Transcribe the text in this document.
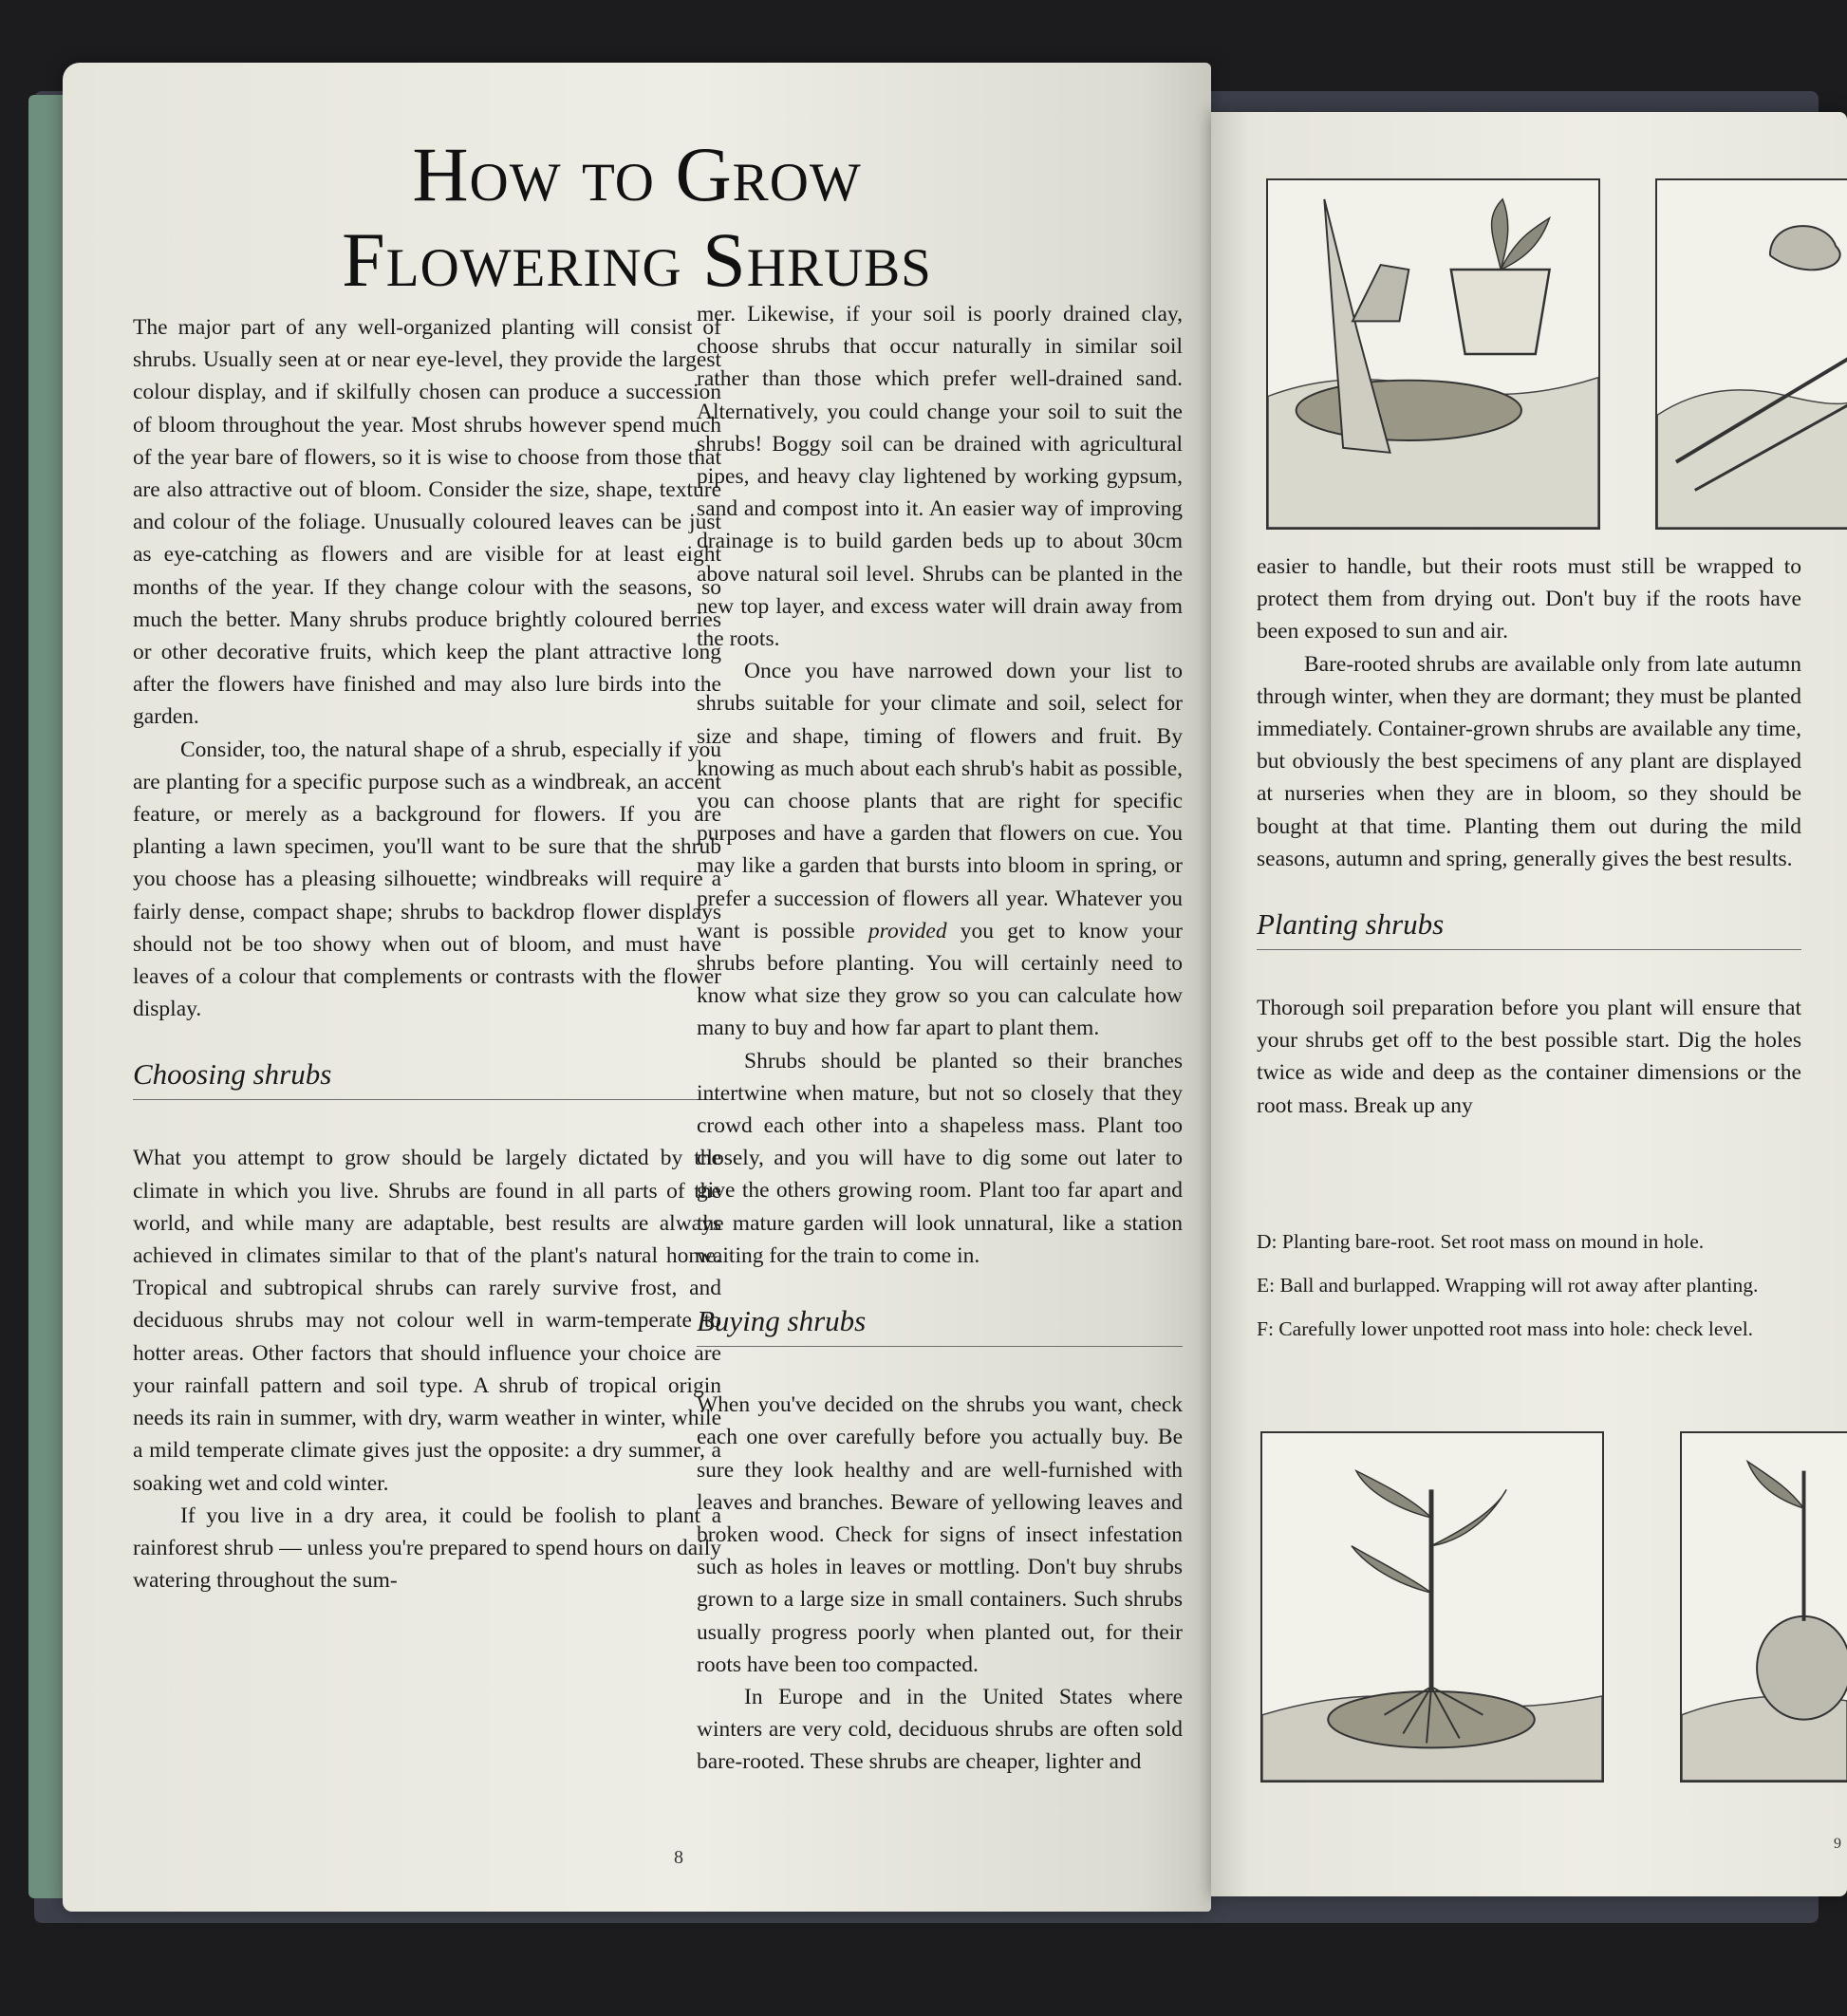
How to Grow
Flowering Shrubs

The major part of any well-organized planting will consist of shrubs. Usually seen at or near eye-level, they provide the largest colour display, and if skilfully chosen can produce a succession of bloom throughout the year. Most shrubs however spend much of the year bare of flowers, so it is wise to choose from those that are also attractive out of bloom. Consider the size, shape, texture and colour of the foliage. Unusually coloured leaves can be just as eye-catching as flowers and are visible for at least eight months of the year. If they change colour with the seasons, so much the better. Many shrubs produce brightly coloured berries or other decorative fruits, which keep the plant attractive long after the flowers have finished and may also lure birds into the garden.

Consider, too, the natural shape of a shrub, especially if you are planting for a specific purpose such as a windbreak, an accent feature, or merely as a background for flowers. If you are planting a lawn specimen, you'll want to be sure that the shrub you choose has a pleasing silhouette; windbreaks will require a fairly dense, compact shape; shrubs to backdrop flower displays should not be too showy when out of bloom, and must have leaves of a colour that complements or contrasts with the flower display.

Choosing shrubs

What you attempt to grow should be largely dictated by the climate in which you live. Shrubs are found in all parts of the world, and while many are adaptable, best results are always achieved in climates similar to that of the plant's natural home. Tropical and subtropical shrubs can rarely survive frost, and deciduous shrubs may not colour well in warm-temperate to hotter areas. Other factors that should influence your choice are your rainfall pattern and soil type. A shrub of tropical origin needs its rain in summer, with dry, warm weather in winter, while a mild temperate climate gives just the opposite: a dry summer, a soaking wet and cold winter.

If you live in a dry area, it could be foolish to plant a rainforest shrub — unless you're prepared to spend hours on daily watering throughout the sum-

mer. Likewise, if your soil is poorly drained clay, choose shrubs that occur naturally in similar soil rather than those which prefer well-drained sand. Alternatively, you could change your soil to suit the shrubs! Boggy soil can be drained with agricultural pipes, and heavy clay lightened by working gypsum, sand and compost into it. An easier way of improving drainage is to build garden beds up to about 30cm above natural soil level. Shrubs can be planted in the new top layer, and excess water will drain away from the roots.

Once you have narrowed down your list to shrubs suitable for your climate and soil, select for size and shape, timing of flowers and fruit. By knowing as much about each shrub's habit as possible, you can choose plants that are right for specific purposes and have a garden that flowers on cue. You may like a garden that bursts into bloom in spring, or prefer a succession of flowers all year. Whatever you want is possible provided you get to know your shrubs before planting. You will certainly need to know what size they grow so you can calculate how many to buy and how far apart to plant them.

Shrubs should be planted so their branches intertwine when mature, but not so closely that they crowd each other into a shapeless mass. Plant too closely, and you will have to dig some out later to give the others growing room. Plant too far apart and the mature garden will look unnatural, like a station waiting for the train to come in.

Buying shrubs

When you've decided on the shrubs you want, check each one over carefully before you actually buy. Be sure they look healthy and are well-furnished with leaves and branches. Beware of yellowing leaves and broken wood. Check for signs of insect infestation such as holes in leaves or mottling. Don't buy shrubs grown to a large size in small containers. Such shrubs usually progress poorly when planted out, for their roots have been too compacted.

In Europe and in the United States where winters are very cold, deciduous shrubs are often sold bare-rooted. These shrubs are cheaper, lighter and

8

easier to handle, but their roots must still be wrapped to protect them from drying out. Don't buy if the roots have been exposed to sun and air.

Bare-rooted shrubs are available only from late autumn through winter, when they are dormant; they must be planted immediately. Container-grown shrubs are available any time, but obviously the best specimens of any plant are displayed at nurseries when they are in bloom, so they should be bought at that time. Planting them out during the mild seasons, autumn and spring, generally gives the best results.

Planting shrubs

Thorough soil preparation before you plant will ensure that your shrubs get off to the best possible start. Dig the holes twice as wide and deep as the container dimensions or the root mass. Break up any

D: Planting bare-root. Set root mass on mound in hole.

E: Ball and burlapped. Wrapping will rot away after planting.

F: Carefully lower unpotted root mass into hole: check level.

9
